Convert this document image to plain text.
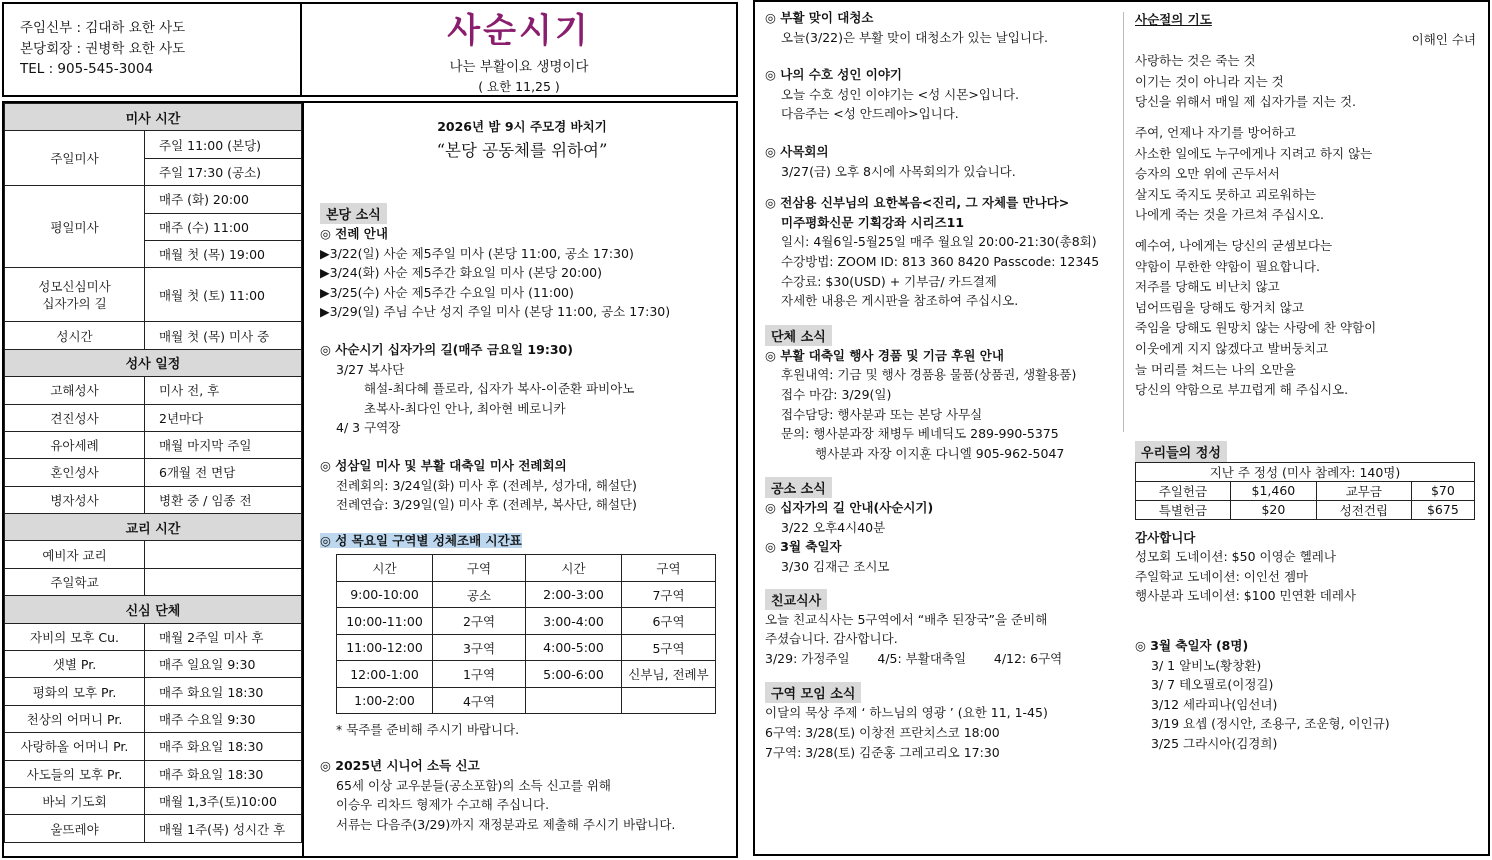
주임신부 : 김대하 요한 사도
본당회장 : 권병학 요한 사도
TEL : 905-545-3004
사순시기
나는 부활이요 생명이다
( 요한 11,25 )
미사 시간	
주일미사	주일 11:00 (본당)
	주일 17:30 (공소)
평일미사	매주 (화) 20:00
	매주 (수) 11:00
	매월 첫 (목) 19:00
성모신심미사
십자가의 길	매월 첫 (토) 11:00
성시간	매월 첫 (목) 미사 중
성사 일정	
고해성사	미사 전, 후
견진성사	2년마다
유아세례	매월 마지막 주일
혼인성사	6개월 전 면담
병자성사	병환 중 / 임종 전
교리 시간	
예비자 교리	
주일학교	
신심 단체	
자비의 모후 Cu.	매월 2주일 미사 후
샛별 Pr.	매주 일요일 9:30
평화의 모후 Pr.	매주 화요일 18:30
천상의 어머니 Pr.	매주 수요일 9:30
사랑하올 어머니 Pr.	매주 화요일 18:30
사도들의 모후 Pr.	매주 화요일 18:30
바뇌 기도회	매월 1,3주(토)10:00
울뜨레야	매월 1주(목) 성시간 후
2026년 밤 9시 주모경 바치기
“본당 공동체를 위하여”
본당 소식
◎ 전례 안내
▶3/22(일) 사순 제5주일 미사 (본당 11:00, 공소 17:30)
▶3/24(화) 사순 제5주간 화요일 미사 (본당 20:00)
▶3/25(수) 사순 제5주간 수요일 미사 (11:00)
▶3/29(일) 주님 수난 성지 주일 미사 (본당 11:00, 공소 17:30)
◎ 사순시기 십자가의 길(매주 금요일 19:30)
3/27 복사단
해설-최다혜 플로라, 십자가 복사-이준환 파비아노
초복사-최다인 안나, 최아현 베로니카
4/ 3 구역장
◎ 성삼일 미사 및 부활 대축일 미사 전례회의
전례회의: 3/24일(화) 미사 후 (전례부, 성가대, 해설단)
전례연습: 3/29일(일) 미사 후 (전례부, 복사단, 해설단)
◎ 성 목요일 구역별 성체조배 시간표
시간	구역	시간	구역
9:00-10:00	공소	2:00-3:00	7구역
10:00-11:00	2구역	3:00-4:00	6구역
11:00-12:00	3구역	4:00-5:00	5구역
12:00-1:00	1구역	5:00-6:00	신부님, 전례부
1:00-2:00	4구역		
* 묵주를 준비해 주시기 바랍니다.
◎ 2025년 시니어 소득 신고
65세 이상 교우분들(공소포함)의 소득 신고를 위해
이승우 리차드 형제가 수고해 주십니다.
서류는 다음주(3/29)까지 재정분과로 제출해 주시기 바랍니다.
◎ 부활 맞이 대청소
오늘(3/22)은 부활 맞이 대청소가 있는 날입니다.
◎ 나의 수호 성인 이야기
오늘 수호 성인 이야기는 <성 시몬>입니다.
다음주는 <성 안드레아>입니다.
◎ 사목회의
3/27(금) 오후 8시에 사목회의가 있습니다.
◎ 전삼용 신부님의 요한복음<진리, 그 자체를 만나다>
미주평화신문 기획강좌 시리즈11
일시: 4월6일-5월25일 매주 월요일 20:00-21:30(총8회)
수강방법: ZOOM ID: 813 360 8420 Passcode: 12345
수강료: $30(USD) + 기부금/ 카드결제
자세한 내용은 게시판을 참조하여 주십시오.
단체 소식
◎ 부활 대축일 행사 경품 및 기금 후원 안내
후원내역: 기금 및 행사 경품용 물품(상품권, 생활용품)
접수 마감: 3/29(일)
접수담당: 행사분과 또는 본당 사무실
문의: 행사분과장 채병두 베네딕도 289-990-5375
행사분과 자장 이지훈 다니엘 905-962-5047
공소 소식
◎ 십자가의 길 안내(사순시기)
3/22 오후4시40분
◎ 3월 축일자
3/30 김재근 조시모
친교식사
오늘 친교식사는 5구역에서 “배추 된장국”을 준비해
주셨습니다. 감사합니다.
3/29: 가정주일       4/5: 부활대축일       4/12: 6구역
구역 모임 소식
이달의 묵상 주제 ‘ 하느님의 영광 ’ (요한 11, 1-45)
6구역: 3/28(토) 이창전 프란치스코 18:00
7구역: 3/28(토) 김준홍 그레고리오 17:30
사순절의 기도
이해인 수녀
사랑하는 것은 죽는 것
이기는 것이 아니라 지는 것
당신을 위해서 매일 제 십자가를 지는 것.
주여, 언제나 자기를 방어하고
사소한 일에도 누구에게나 지려고 하지 않는
승자의 오만 위에 곤두서서
살지도 죽지도 못하고 괴로워하는
나에게 죽는 것을 가르쳐 주십시오.
예수여, 나에게는 당신의 굳셈보다는
약함이 무한한 약함이 필요합니다.
저주를 당해도 비난치 않고
넘어뜨림을 당해도 항거치 않고
죽임을 당해도 원망치 않는 사랑에 찬 약함이
이웃에게 지지 않겠다고 발버둥치고
늘 머리를 쳐드는 나의 오만을
당신의 약함으로 부끄럽게 해 주십시오.
우리들의 정성
지난 주 정성 (미사 참례자: 140명)			
주일헌금	$1,460	교무금	$70
특별헌금	$20	성전건립	$675
감사합니다
성모회 도네이션: $50 이영순 헬레나
주일학교 도네이션: 이인선 젬마
행사분과 도네이션: $100 민연환 데레사
◎ 3월 축일자 (8명)
3/ 1 알비노(황창환)
3/ 7 테오필로(이정길)
3/12 세라피나(임선녀)
3/19 요셉 (정시안, 조용구, 조운형, 이인규)
3/25 그라시아(김경희)
